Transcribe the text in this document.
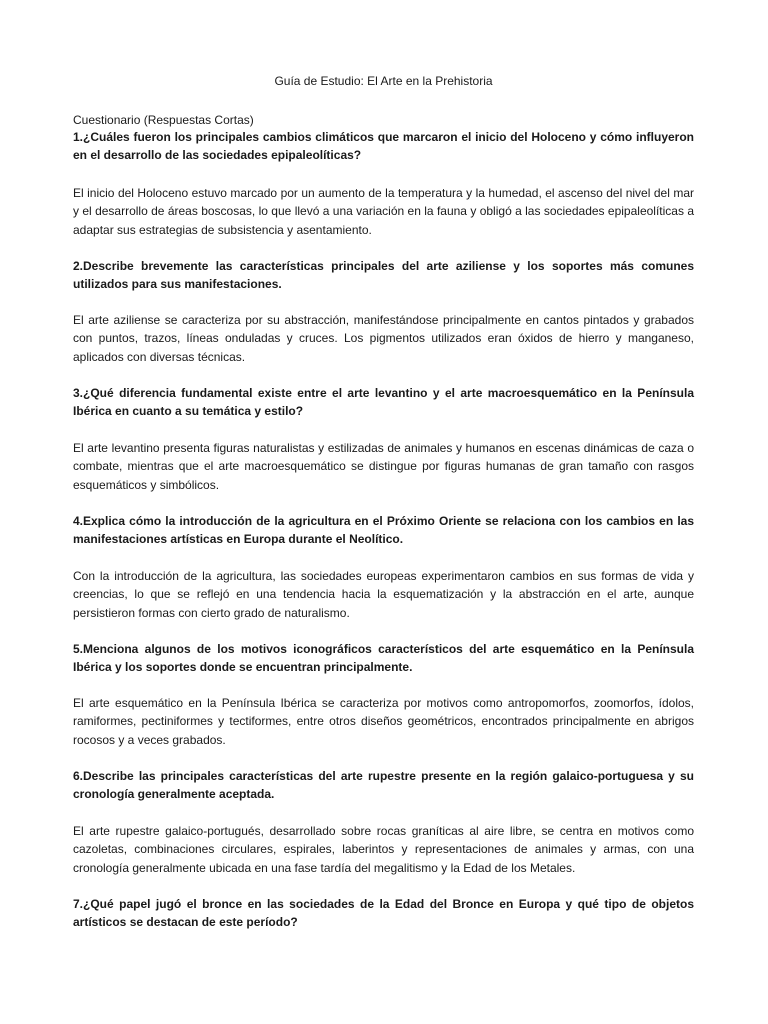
Guía de Estudio: El Arte en la Prehistoria
Cuestionario (Respuestas Cortas)
1.¿Cuáles fueron los principales cambios climáticos que marcaron el inicio del Holoceno y cómo influyeron en el desarrollo de las sociedades epipaleolíticas?
El inicio del Holoceno estuvo marcado por un aumento de la temperatura y la humedad, el ascenso del nivel del mar y el desarrollo de áreas boscosas, lo que llevó a una variación en la fauna y obligó a las sociedades epipaleolíticas a adaptar sus estrategias de subsistencia y asentamiento.
2.Describe brevemente las características principales del arte aziliense y los soportes más comunes utilizados para sus manifestaciones.
El arte aziliense se caracteriza por su abstracción, manifestándose principalmente en cantos pintados y grabados con puntos, trazos, líneas onduladas y cruces. Los pigmentos utilizados eran óxidos de hierro y manganeso, aplicados con diversas técnicas.
3.¿Qué diferencia fundamental existe entre el arte levantino y el arte macroesquemático en la Península Ibérica en cuanto a su temática y estilo?
El arte levantino presenta figuras naturalistas y estilizadas de animales y humanos en escenas dinámicas de caza o combate, mientras que el arte macroesquemático se distingue por figuras humanas de gran tamaño con rasgos esquemáticos y simbólicos.
4.Explica cómo la introducción de la agricultura en el Próximo Oriente se relaciona con los cambios en las manifestaciones artísticas en Europa durante el Neolítico.
Con la introducción de la agricultura, las sociedades europeas experimentaron cambios en sus formas de vida y creencias, lo que se reflejó en una tendencia hacia la esquematización y la abstracción en el arte, aunque persistieron formas con cierto grado de naturalismo.
5.Menciona algunos de los motivos iconográficos característicos del arte esquemático en la Península Ibérica y los soportes donde se encuentran principalmente.
El arte esquemático en la Península Ibérica se caracteriza por motivos como antropomorfos, zoomorfos, ídolos, ramiformes, pectiniformes y tectiformes, entre otros diseños geométricos, encontrados principalmente en abrigos rocosos y a veces grabados.
6.Describe las principales características del arte rupestre presente en la región galaico-portuguesa y su cronología generalmente aceptada.
El arte rupestre galaico-portugués, desarrollado sobre rocas graníticas al aire libre, se centra en motivos como cazoletas, combinaciones circulares, espirales, laberintos y representaciones de animales y armas, con una cronología generalmente ubicada en una fase tardía del megalitismo y la Edad de los Metales.
7.¿Qué papel jugó el bronce en las sociedades de la Edad del Bronce en Europa y qué tipo de objetos artísticos se destacan de este período?
